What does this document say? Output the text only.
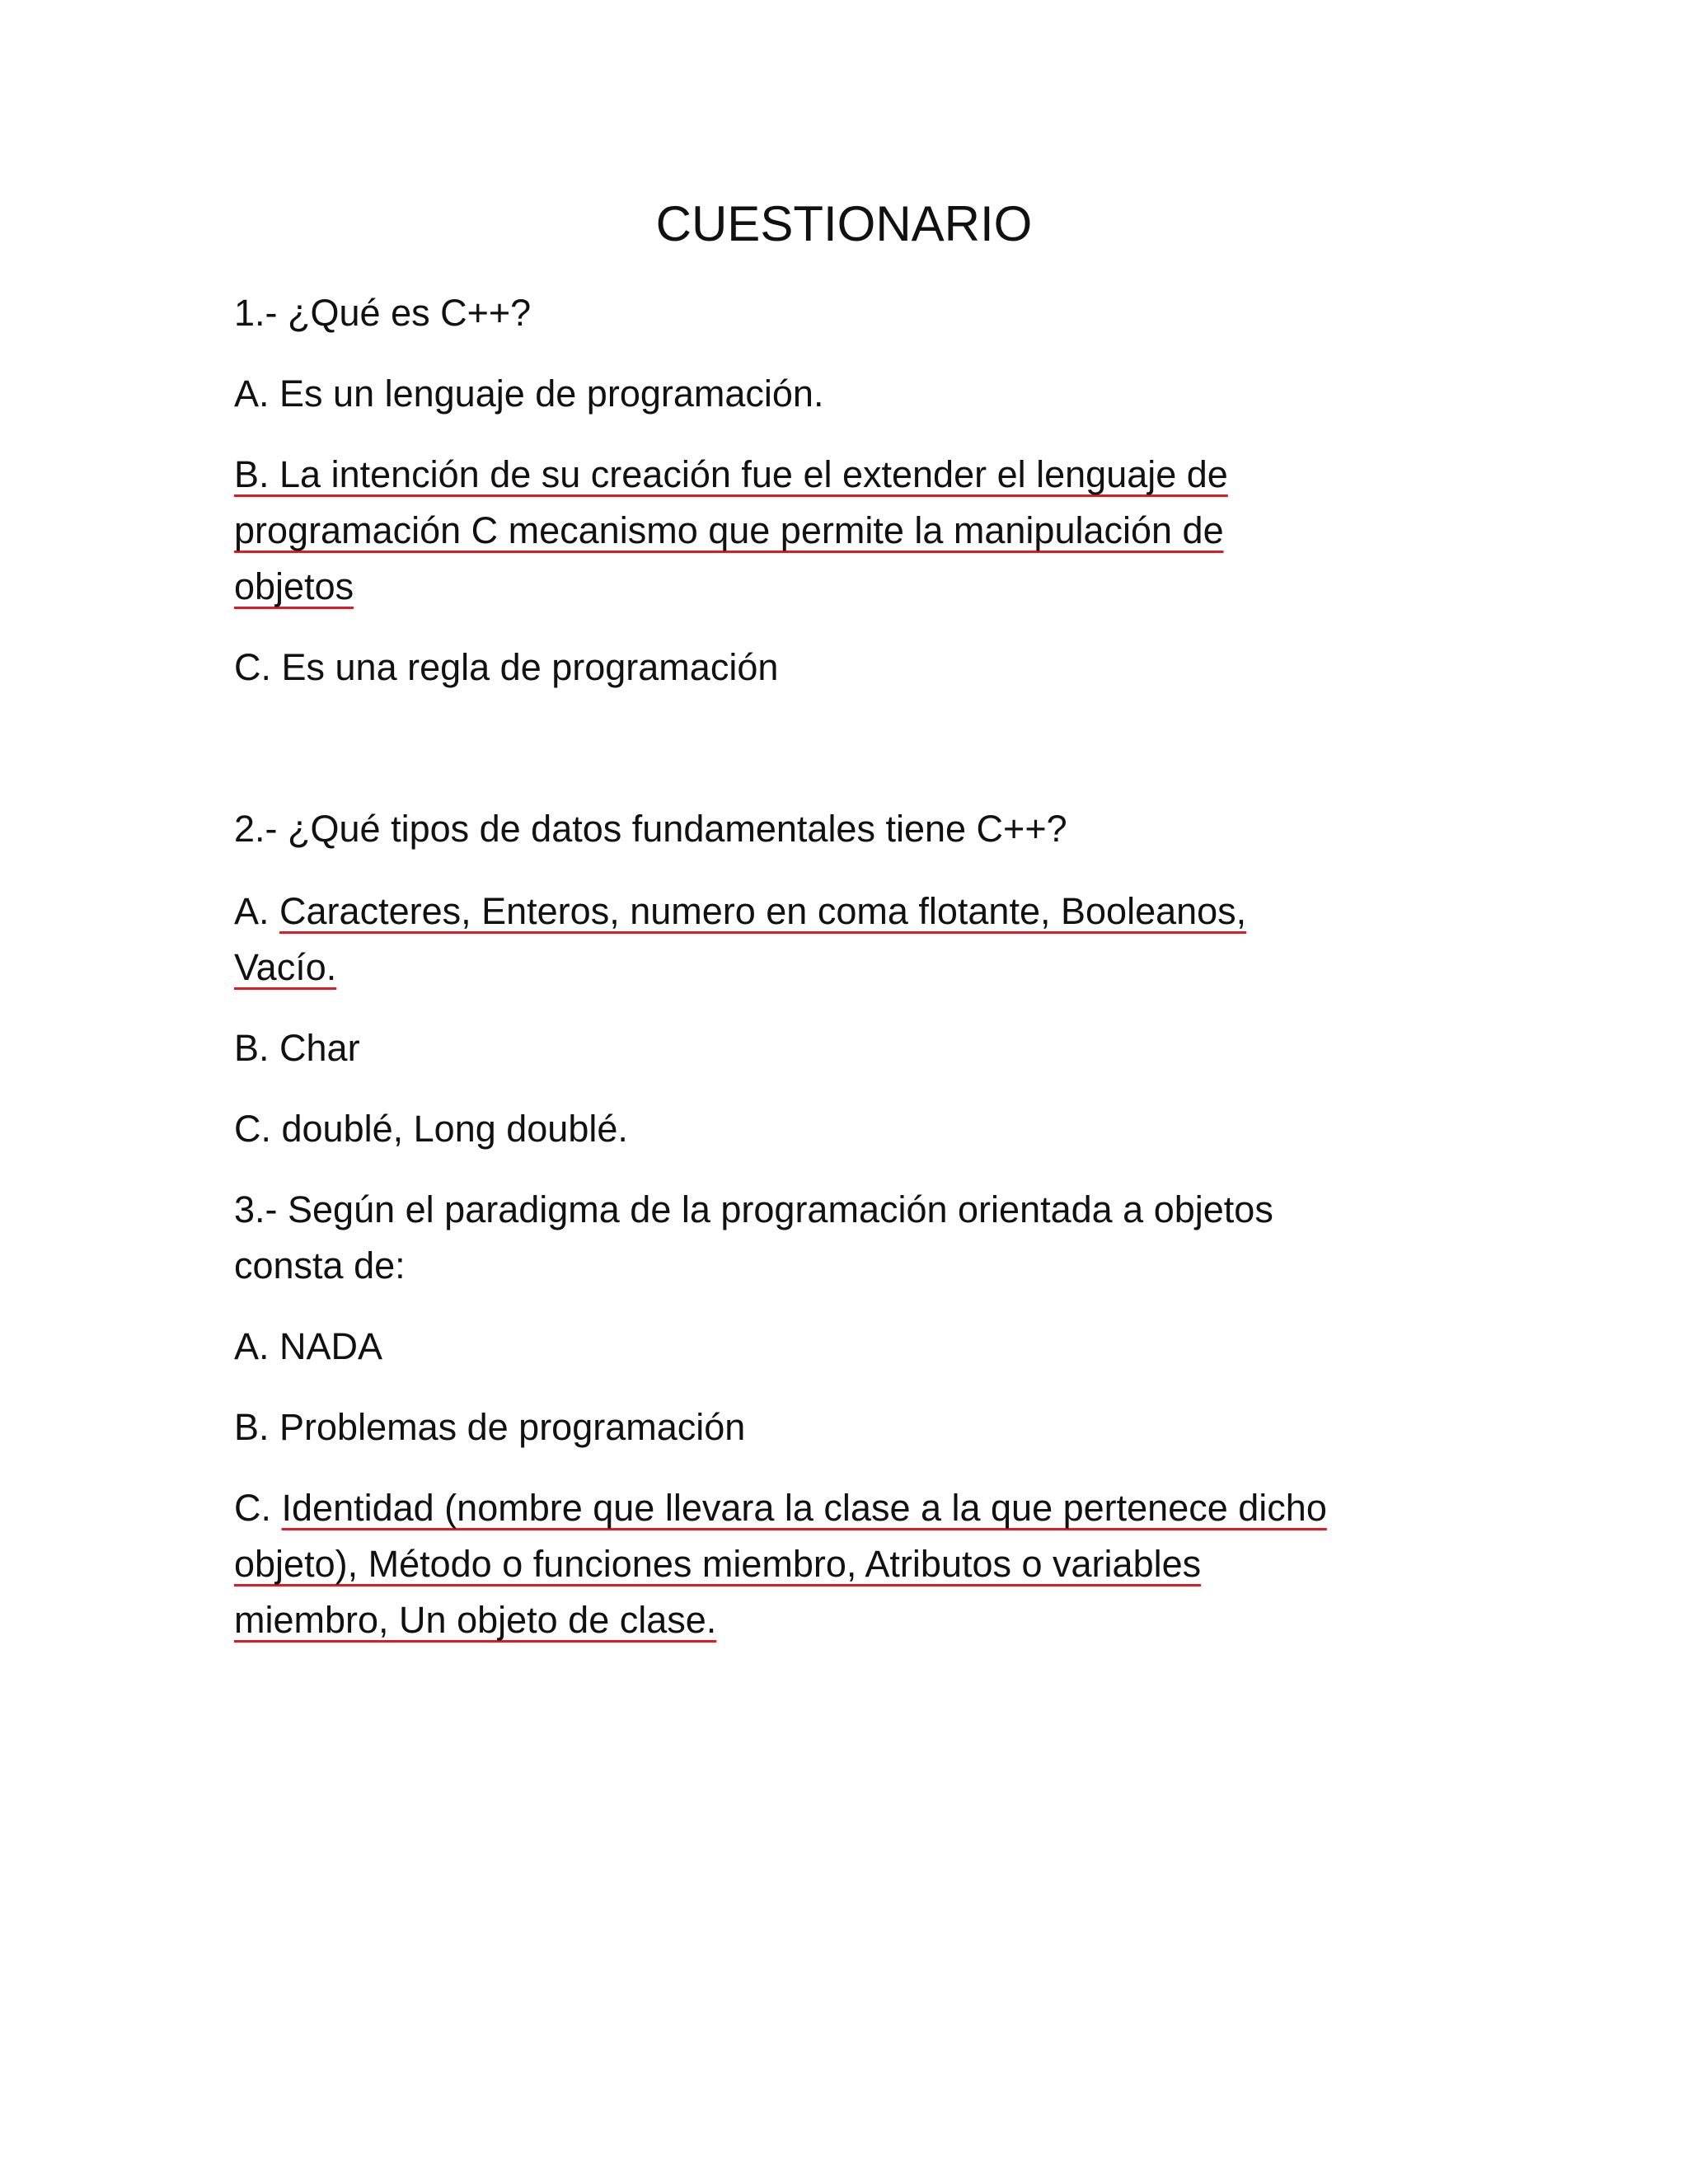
CUESTIONARIO
1.- ¿Qué es C++?
A. Es un lenguaje de programación.
B. La intención de su creación fue el extender el lenguaje de
programación C mecanismo que permite la manipulación de
objetos
C. Es una regla de programación
2.- ¿Qué tipos de datos fundamentales tiene C++?
A. Caracteres, Enteros, numero en coma flotante, Booleanos,
Vacío.
B. Char
C. doublé, Long doublé.
3.- Según el paradigma de la programación orientada a objetos
consta de:
A. NADA
B. Problemas de programación
C. Identidad (nombre que llevara la clase a la que pertenece dicho
objeto), Método o funciones miembro, Atributos o variables
miembro, Un objeto de clase.
